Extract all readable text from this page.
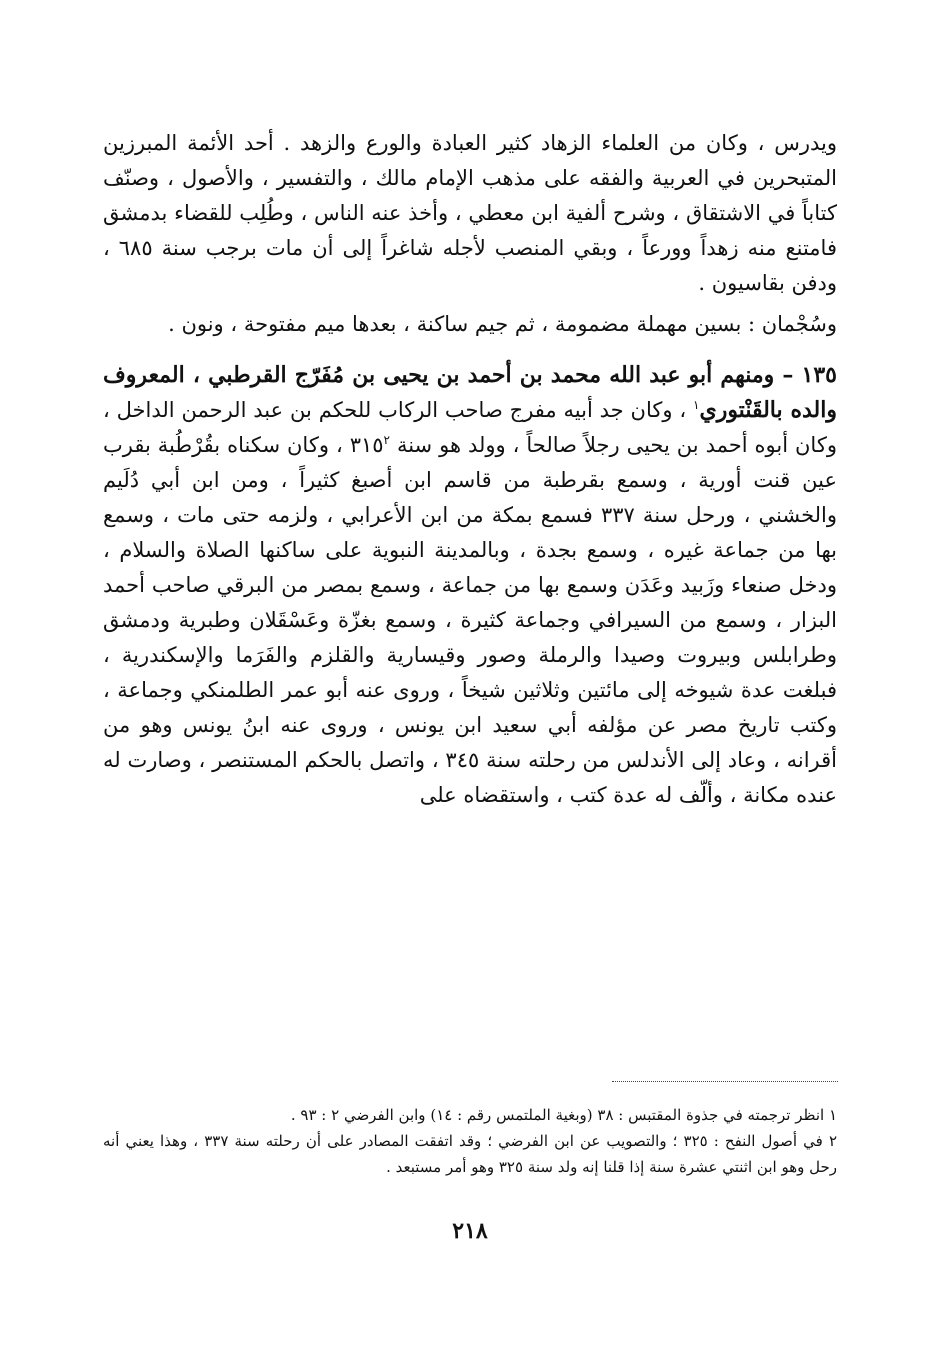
ويدرس ، وكان من العلماء الزهاد كثير العبادة والورع والزهد . أحد الأئمة المبرزين المتبحرين في العربية والفقه على مذهب الإمام مالك ، والتفسير ، والأصول ، وصنّف كتاباً في الاشتقاق ، وشرح ألفية ابن معطي ، وأخذ عنه الناس ، وطُلِب للقضاء بدمشق فامتنع منه زهداً وورعاً ، وبقي المنصب لأجله شاغراً إلى أن مات برجب سنة ٦٨٥ ، ودفن بقاسيون .

وسُجْمان : بسين مهملة مضمومة ، ثم جيم ساكنة ، بعدها ميم مفتوحة ، ونون .

١٣٥ – ومنهم أبو عبد الله محمد بن أحمد بن يحيى بن مُفَرّج القرطبي ، المعروف والده بالقَنْتوري$^١$ ، وكان جد أبيه مفرج صاحب الركاب للحكم بن عبد الرحمن الداخل ، وكان أبوه أحمد بن يحيى رجلاً صالحاً ، وولد هو سنة $٣١٥^٢$ ، وكان سكناه بقُرْطُبة بقرب عين قنت أورية ، وسمع بقرطبة من قاسم ابن أصبغ كثيراً ، ومن ابن أبي دُلَيم والخشني ، ورحل سنة ٣٣٧ فسمع بمكة من ابن الأعرابي ، ولزمه حتى مات ، وسمع بها من جماعة غيره ، وسمع بجدة ، وبالمدينة النبوية على ساكنها الصلاة والسلام ، ودخل صنعاء وزَبيد وعَدَن وسمع بها من جماعة ، وسمع بمصر من البرقي صاحب أحمد البزار ، وسمع من السيرافي وجماعة كثيرة ، وسمع بغزّة وعَسْقَلان وطبرية ودمشق وطرابلس وبيروت وصيدا والرملة وصور وقيسارية والقلزم والفَرَما والإسكندرية ، فبلغت عدة شيوخه إلى مائتين وثلاثين شيخاً ، وروى عنه أبو عمر الطلمنكي وجماعة ، وكتب تاريخ مصر عن مؤلفه أبي سعيد ابن يونس ، وروى عنه ابنُ يونس وهو من أقرانه ، وعاد إلى الأندلس من رحلته سنة ٣٤٥ ، واتصل بالحكم المستنصر ، وصارت له عنده مكانة ، وألّف له عدة كتب ، واستقضاه على

١ انظر ترجمته في جذوة المقتبس : ٣٨ (وبغية الملتمس رقم : ١٤) وابن الفرضي ٢ : ٩٣ .

٢ في أصول النفح : ٣٢٥ ؛ والتصويب عن ابن الفرضي ؛ وقد اتفقت المصادر على أن رحلته سنة ٣٣٧ ، وهذا يعني أنه رحل وهو ابن اثنتي عشرة سنة إذا قلنا إنه ولد سنة ٣٢٥ وهو أمر مستبعد .

٢١٨
